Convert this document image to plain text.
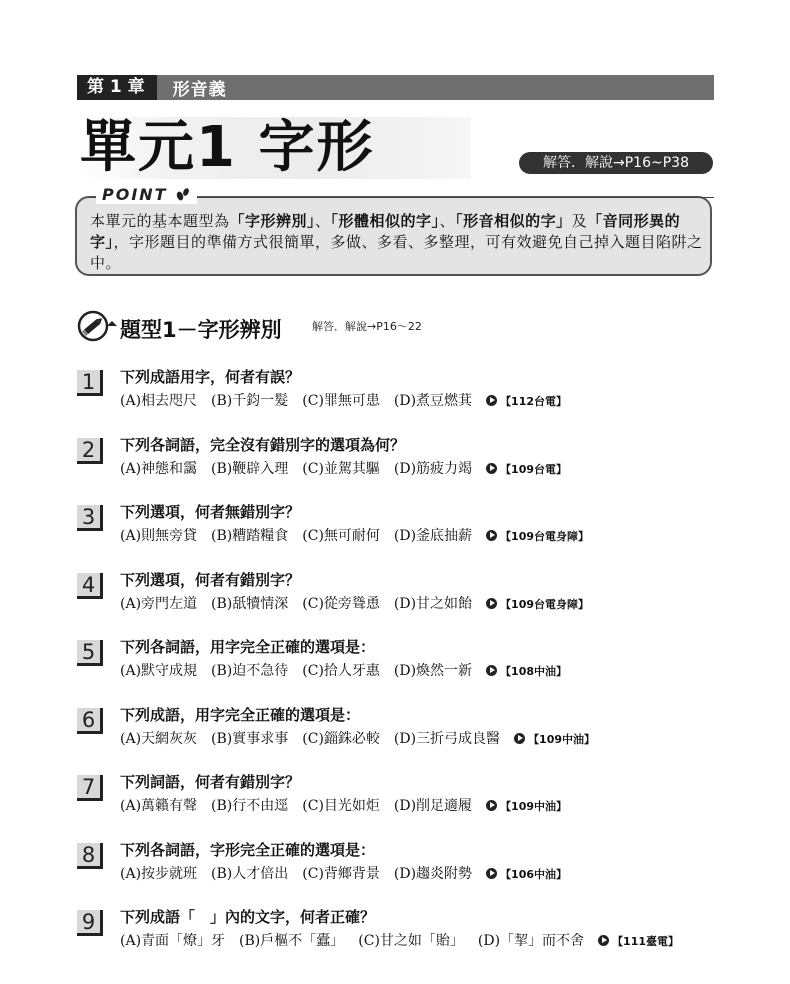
第 1 章	形音義
單元1 字形	解答．解說→P16~P38
POINT
本單元的基本題型為「字形辨別」、「形體相似的字」、「形音相似的字」及「音同形異的字」，字形題目的準備方式很簡單，多做、多看、多整理，可有效避免自己掉入題目陷阱之中。
題型1－字形辨別	解答．解說→P16～22
1	下列成語用字，何者有誤？
(A)相去咫尺 (B)千鈞一髮 (C)罪無可患 (D)煮豆燃萁	【112台電】
2	下列各詞語，完全沒有錯別字的選項為何？
(A)神態和靄 (B)鞭辟入理 (C)並駕其驅 (D)筋疲力竭	【109台電】
3	下列選項，何者無錯別字？
(A)則無旁貸 (B)糟踏糧食 (C)無可耐何 (D)釜底抽薪	【109台電身障】
4	下列選項，何者有錯別字？
(A)旁門左道 (B)舐犢情深 (C)從旁聳恿 (D)甘之如飴	【109台電身障】
5	下列各詞語，用字完全正確的選項是：
(A)默守成規 (B)迫不急待 (C)拾人牙惠 (D)煥然一新	【108中油】
6	下列成語，用字完全正確的選項是：
(A)天網灰灰 (B)實事求事 (C)錙銖必較 (D)三折弓成良醫	【109中油】
7	下列詞語，何者有錯別字？
(A)萬籟有聲 (B)行不由逕 (C)目光如炬 (D)削足適履	【109中油】
8	下列各詞語，字形完全正確的選項是：
(A)按步就班 (B)人才倍出 (C)背鄉背景 (D)趨炎附勢	【106中油】
9	下列成語「　」內的文字，何者正確？
(A)青面「燎」牙 (B)戶樞不「蠹」 (C)甘之如「貽」 (D)「挈」而不舍	【111臺電】
